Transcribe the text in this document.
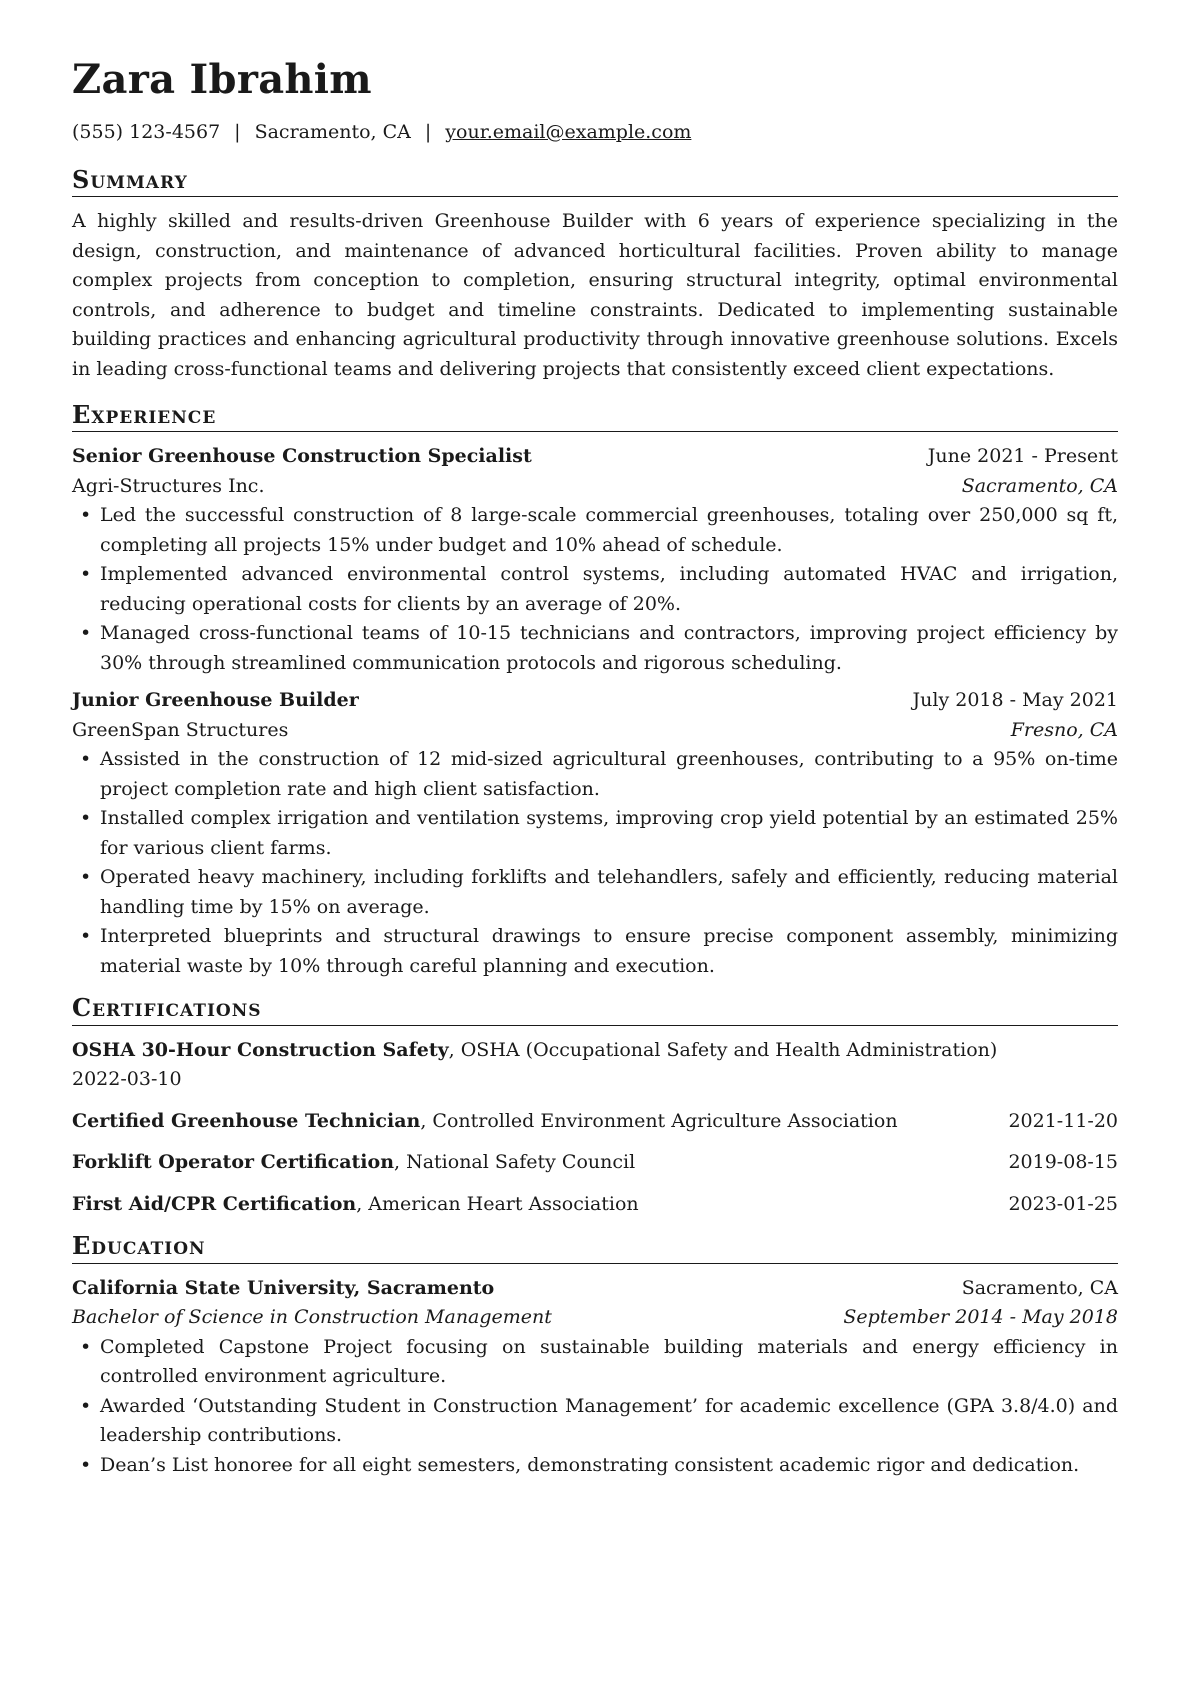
Zara Ibrahim
(555) 123-4567 | Sacramento, CA | your.email@example.com
Summary
A highly skilled and results-driven Greenhouse Builder with 6 years of experience specializing in the design, construction, and maintenance of advanced horticultural facilities. Proven ability to manage complex projects from conception to completion, ensuring structural integrity, optimal environmental controls, and adherence to budget and timeline constraints. Dedicated to implementing sustainable building practices and enhancing agricultural productivity through innovative greenhouse solutions. Excels in leading cross-functional teams and delivering projects that consistently exceed client expectations.
Experience
Senior Greenhouse Construction Specialist	June 2021 - Present
Agri-Structures Inc.	Sacramento, CA
• Led the successful construction of 8 large-scale commercial greenhouses, totaling over 250,000 sq ft, completing all projects 15% under budget and 10% ahead of schedule.
• Implemented advanced environmental control systems, including automated HVAC and irrigation, reducing operational costs for clients by an average of 20%.
• Managed cross-functional teams of 10-15 technicians and contractors, improving project efficiency by 30% through streamlined communication protocols and rigorous scheduling.
Junior Greenhouse Builder	July 2018 - May 2021
GreenSpan Structures	Fresno, CA
• Assisted in the construction of 12 mid-sized agricultural greenhouses, contributing to a 95% on-time project completion rate and high client satisfaction.
• Installed complex irrigation and ventilation systems, improving crop yield potential by an estimated 25% for various client farms.
• Operated heavy machinery, including forklifts and telehandlers, safely and efficiently, reducing material handling time by 15% on average.
• Interpreted blueprints and structural drawings to ensure precise component assembly, minimizing material waste by 10% through careful planning and execution.
Certifications
OSHA 30-Hour Construction Safety, OSHA (Occupational Safety and Health Administration)
2022-03-10
Certified Greenhouse Technician, Controlled Environment Agriculture Association	2021-11-20
Forklift Operator Certification, National Safety Council	2019-08-15
First Aid/CPR Certification, American Heart Association	2023-01-25
Education
California State University, Sacramento	Sacramento, CA
Bachelor of Science in Construction Management	September 2014 - May 2018
• Completed Capstone Project focusing on sustainable building materials and energy efficiency in controlled environment agriculture.
• Awarded ‘Outstanding Student in Construction Management’ for academic excellence (GPA 3.8/4.0) and leadership contributions.
• Dean’s List honoree for all eight semesters, demonstrating consistent academic rigor and dedication.
